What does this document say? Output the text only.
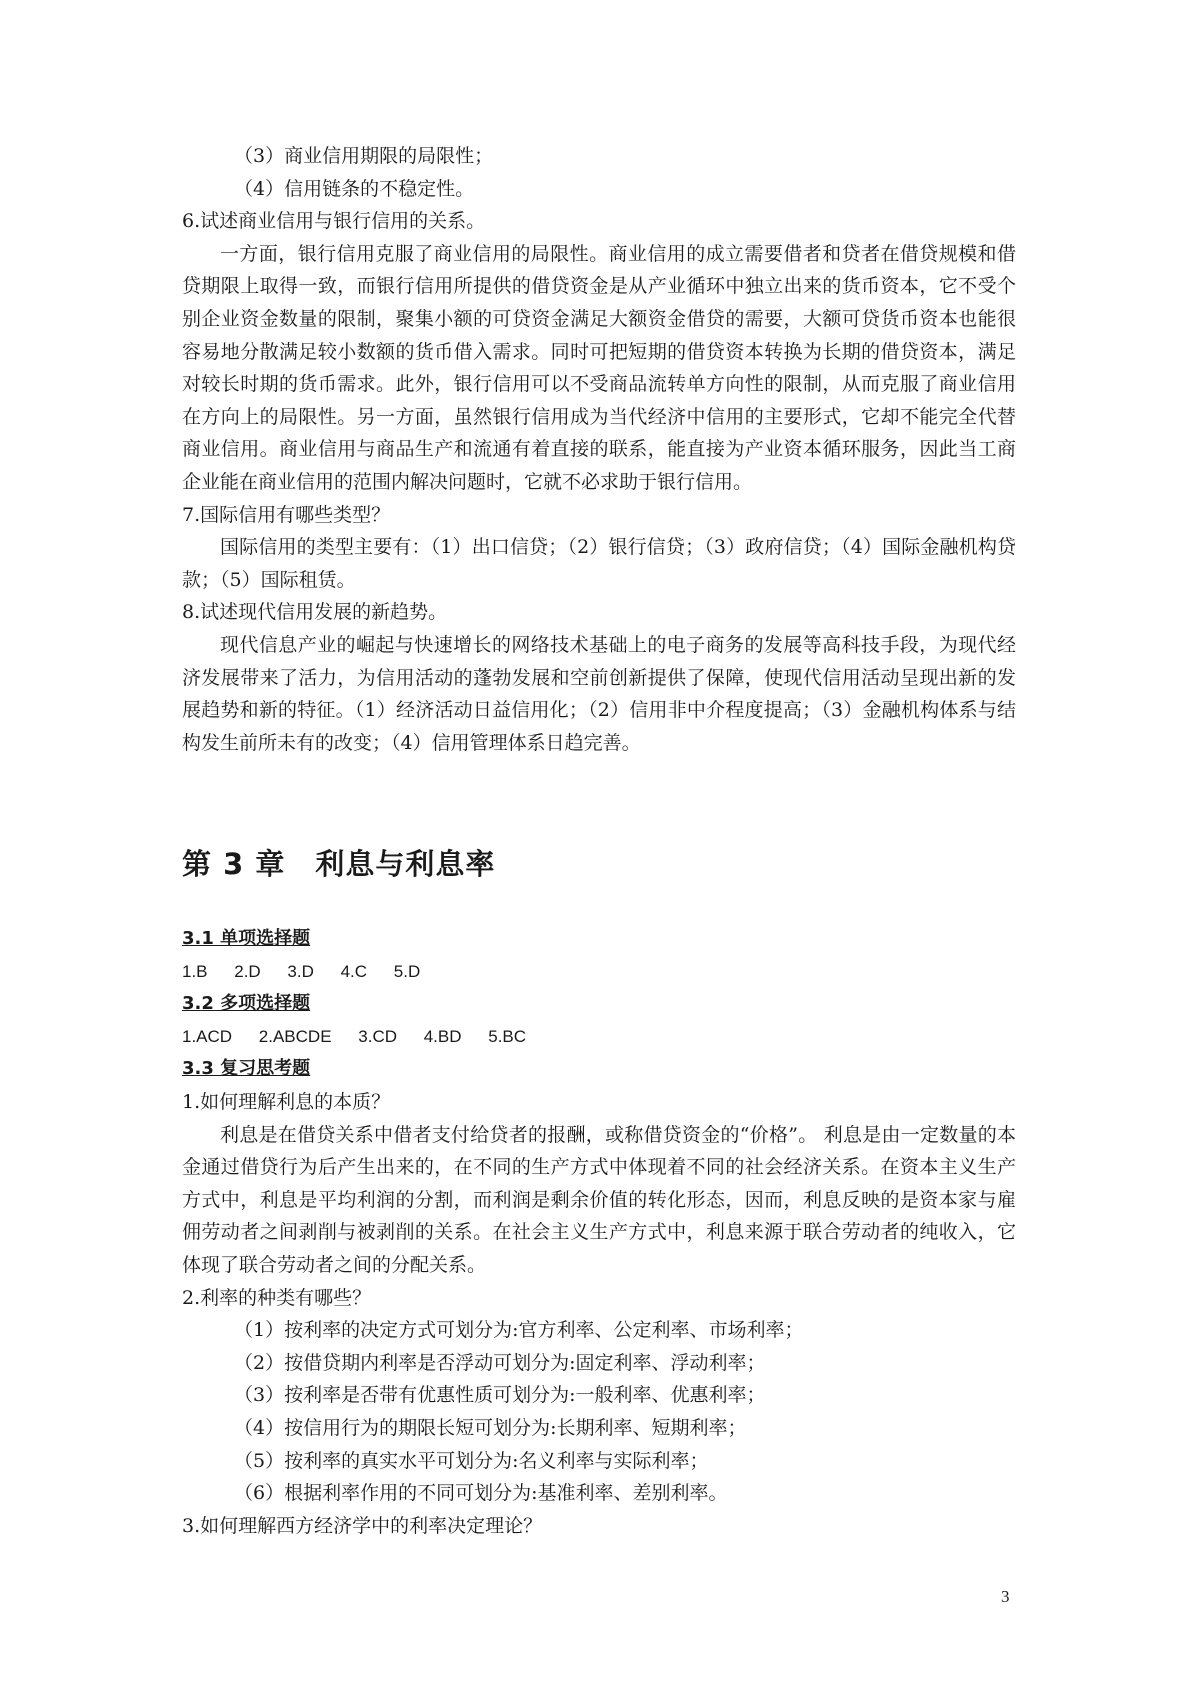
（3）商业信用期限的局限性；

（4）信用链条的不稳定性。

6.试述商业信用与银行信用的关系。

一方面，银行信用克服了商业信用的局限性。商业信用的成立需要借者和贷者在借贷规模和借贷期限上取得一致，而银行信用所提供的借贷资金是从产业循环中独立出来的货币资本，它不受个别企业资金数量的限制，聚集小额的可贷资金满足大额资金借贷的需要，大额可贷货币资本也能很容易地分散满足较小数额的货币借入需求。同时可把短期的借贷资本转换为长期的借贷资本，满足对较长时期的货币需求。此外，银行信用可以不受商品流转单方向性的限制，从而克服了商业信用在方向上的局限性。另一方面，虽然银行信用成为当代经济中信用的主要形式，它却不能完全代替商业信用。商业信用与商品生产和流通有着直接的联系，能直接为产业资本循环服务，因此当工商企业能在商业信用的范围内解决问题时，它就不必求助于银行信用。

7.国际信用有哪些类型？

国际信用的类型主要有：（1）出口信贷；（2）银行信贷；（3）政府信贷；（4）国际金融机构贷款；（5）国际租赁。

8.试述现代信用发展的新趋势。

现代信息产业的崛起与快速增长的网络技术基础上的电子商务的发展等高科技手段，为现代经济发展带来了活力，为信用活动的蓬勃发展和空前创新提供了保障，使现代信用活动呈现出新的发展趋势和新的特征。（1）经济活动日益信用化；（2）信用非中介程度提高；（3）金融机构体系与结构发生前所未有的改变；（4）信用管理体系日趋完善。

第 3 章　利息与利息率

3.1 单项选择题

1.B 2.D 3.D 4.C 5.D

3.2 多项选择题

1.ACD 2.ABCDE 3.CD 4.BD 5.BC

3.3 复习思考题

1.如何理解利息的本质？

利息是在借贷关系中借者支付给贷者的报酬，或称借贷资金的“价格”。 利息是由一定数量的本金通过借贷行为后产生出来的，在不同的生产方式中体现着不同的社会经济关系。在资本主义生产方式中，利息是平均利润的分割，而利润是剩余价值的转化形态，因而，利息反映的是资本家与雇佣劳动者之间剥削与被剥削的关系。在社会主义生产方式中，利息来源于联合劳动者的纯收入，它体现了联合劳动者之间的分配关系。

2.利率的种类有哪些？

（1）按利率的决定方式可划分为:官方利率、公定利率、市场利率；

（2）按借贷期内利率是否浮动可划分为:固定利率、浮动利率；

（3）按利率是否带有优惠性质可划分为:一般利率、优惠利率；

（4）按信用行为的期限长短可划分为:长期利率、短期利率；

（5）按利率的真实水平可划分为:名义利率与实际利率；

（6）根据利率作用的不同可划分为:基准利率、差别利率。

3.如何理解西方经济学中的利率决定理论？

3
